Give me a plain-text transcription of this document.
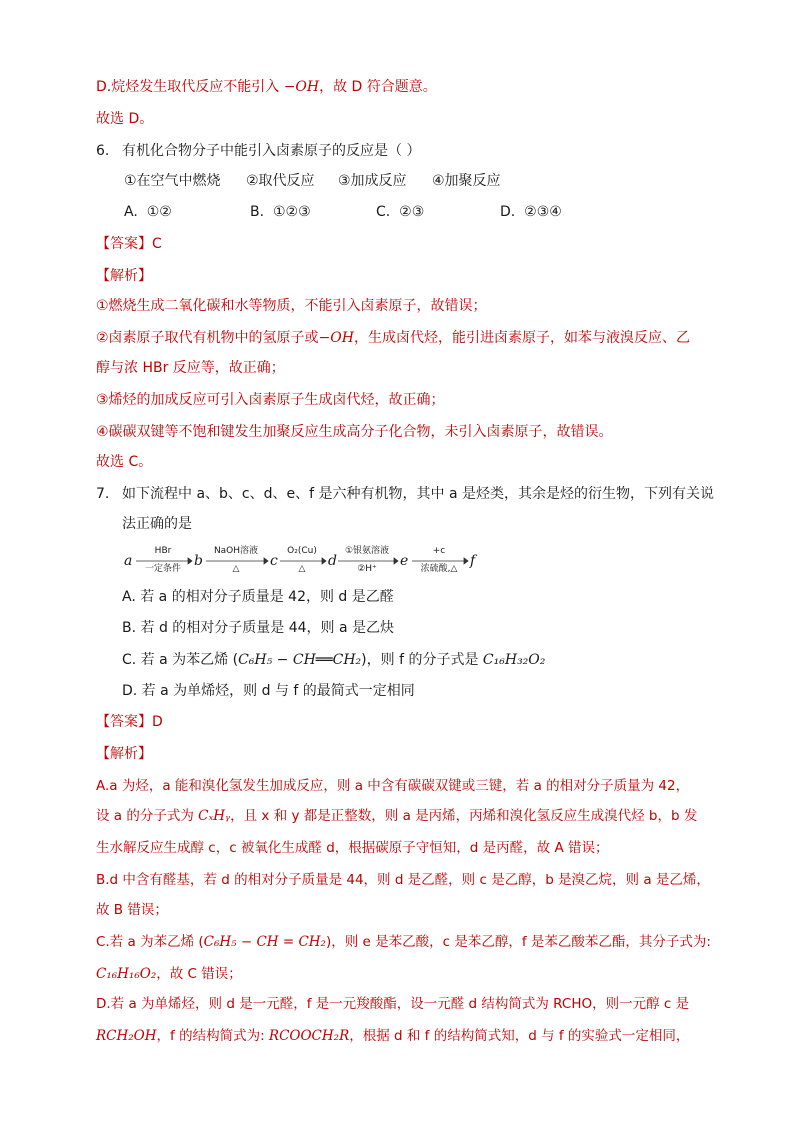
D.烷烃发生取代反应不能引入 −OH，故 D 符合题意。
故选 D。
6. 有机化合物分子中能引入卤素原子的反应是（ ）
①在空气中燃烧 ②取代反应 ③加成反应 ④加聚反应
A. ①②	B. ①②③	C. ②③	D. ②③④
【答案】C
【解析】
①燃烧生成二氧化碳和水等物质，不能引入卤素原子，故错误；
②卤素原子取代有机物中的氢原子或−OH，生成卤代烃，能引进卤素原子，如苯与液溴反应、乙
醇与浓 HBr 反应等，故正确；
③烯烃的加成反应可引入卤素原子生成卤代烃，故正确；
④碳碳双键等不饱和键发生加聚反应生成高分子化合物，未引入卤素原子，故错误。
故选 C。
7. 如下流程中 a、b、c、d、e、f 是六种有机物，其中 a 是烃类，其余是烃的衍生物，下列有关说
法正确的是
a
HBr
一定条件 b
NaOH溶液
△	c
O₂(Cu)
△	d
①银氨溶液
②H⁺	e
+c
浓硫酸,△ f
A. 若 a 的相对分子质量是 42，则 d 是乙醛
B. 若 d 的相对分子质量是 44，则 a 是乙炔
C. 若 a 为苯乙烯 (C₆H₅ − CH══CH₂)，则 f 的分子式是 C₁₆H₃₂O₂
D. 若 a 为单烯烃，则 d 与 f 的最简式一定相同
【答案】D
【解析】
A.a 为烃，a 能和溴化氢发生加成反应，则 a 中含有碳碳双键或三键，若 a 的相对分子质量为 42，
设 a 的分子式为 CₓHᵧ，且 x 和 y 都是正整数，则 a 是丙烯，丙烯和溴化氢反应生成溴代烃 b，b 发
生水解反应生成醇 c，c 被氧化生成醛 d，根据碳原子守恒知，d 是丙醛，故 A 错误；
B.d 中含有醛基，若 d 的相对分子质量是 44，则 d 是乙醛，则 c 是乙醇，b 是溴乙烷，则 a 是乙烯，
故 B 错误；
C.若 a 为苯乙烯 (C₆H₅ − CH = CH₂)，则 e 是苯乙酸，c 是苯乙醇，f 是苯乙酸苯乙酯，其分子式为:
C₁₆H₁₆O₂，故 C 错误；
D.若 a 为单烯烃，则 d 是一元醛，f 是一元羧酸酯，设一元醛 d 结构简式为 RCHO，则一元醇 c 是
RCH₂OH，f 的结构简式为: RCOOCH₂R，根据 d 和 f 的结构简式知，d 与 f 的实验式一定相同，
